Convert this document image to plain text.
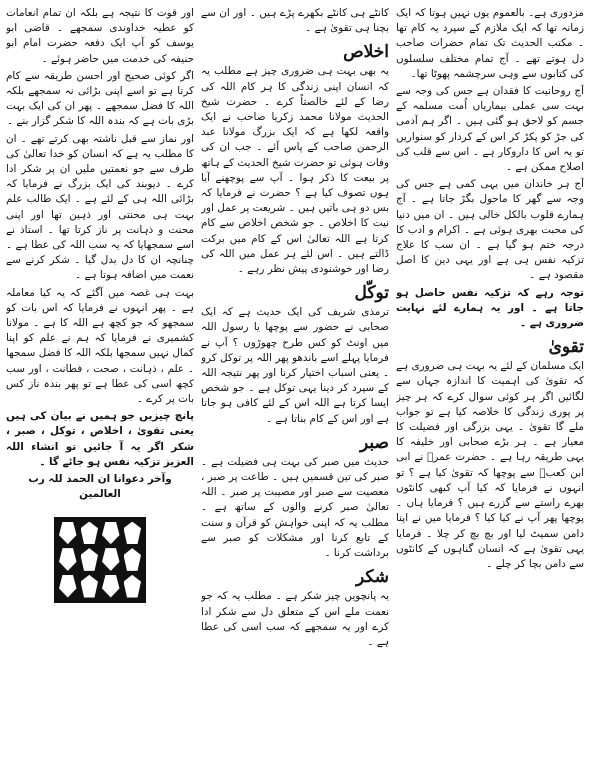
مزدوری ہے۔ بالعموم یوں نہیں ہوتا کہ ایک زمانہ تھا کہ ایک ملازم کے سپرد یہ کام تھا ۔ مکتب الحدیث تک تمام حضرات صاحب دل ہوتے تھے ۔ آج تمام مختلف سلسلوں کی کتابوں سے وہی سرچشمہ پھوٹا تھا۔

آج روحانیت کا فقدان ہے جس کی وجہ سے بہت سی عملی بیماریاں اُمت مسلمہ کے جسم کو لاحق ہو گئی ہیں ۔ اگر ہم آدمی کی جڑ کو پکڑ کر اس کے کردار کو سنواریں تو یہ اس کا داروکار ہے ۔ اس سے قلب کی اصلاح ممکن ہے ۔

آج ہر خاندان میں یہی کمی ہے جس کی وجہ سے گھر کا ماحول بگڑ جاتا ہے ۔ آج ہمارے قلوب بالکل خالی ہیں ۔ ان میں دنیا کی محبت بھری ہوئی ہے ۔ اکرام و ادب کا درجہ ختم ہو گیا ہے ۔ ان سب کا علاج تزکیہ نفس ہی ہے اور یہی دین کا اصل مقصود ہے ۔

توجہ رہے کہ تزکیہ نفس حاصل ہو جاتا ہے ۔ اور یہ ہمارے لئے نہایت ضروری ہے ۔

تقویٰ

ایک مسلمان کے لئے یہ بہت ہی ضروری ہے کہ تقویٰ کی اہمیت کا اندازہ جہاں سے لگائیں اگر ہر کوئی سوال کرے کہ ہر چیز پر پوری زندگی کا خلاصہ کیا ہے تو جواب ملے گا تقویٰ ۔ یہی بزرگی اور فضیلت کا معیار ہے ۔ ہر بڑے صحابی اور خلیفہ کا یہی طریقہ رہا ہے ۔ حضرت عمرؓ نے ابی ابن کعبؓ سے پوچھا کہ تقویٰ کیا ہے ؟ تو انہوں نے فرمایا کہ کیا آپ کبھی کانٹوں بھرے راستے سے گزرے ہیں ؟ فرمایا ہاں ۔ پوچھا پھر آپ نے کیا کیا ؟ فرمایا میں نے اپنا دامن سمیٹ لیا اور بچ بچ کر چلا ۔ فرمایا یہی تقویٰ ہے کہ انسان گناہوں کے کانٹوں سے دامن بچا کر چلے ۔

کانٹے ہی کانٹے بکھرے پڑے ہیں ۔ اور ان سے بچنا ہی تقویٰ ہے ۔

اخلاص

یہ بھی بہت ہی ضروری چیز ہے مطلب یہ کہ انسان اپنی زندگی کا ہر کام اللہ کی رضا کے لئے خالصتاً کرے ۔ حضرت شیخ الحدیث مولانا محمد زکریا صاحب نے ایک واقعہ لکھا ہے کہ ایک بزرگ مولانا عبد الرحمن صاحب کے پاس آئے ۔ جب ان کی وفات ہوئی تو حضرت شیخ الحدیث کے ہاتھ پر بیعت کا ذکر ہوا ۔ آپ سے پوچھنے آیا ہوں تصوف کیا ہے ؟ حضرت نے فرمایا کہ بس دو ہی باتیں ہیں ۔ شریعت پر عمل اور نیت کا اخلاص ۔ جو شخص اخلاص سے کام کرتا ہے اللہ تعالیٰ اس کے کام میں برکت ڈالتے ہیں ۔ اس لئے ہر عمل میں اللہ کی رضا اور خوشنودی پیش نظر رہے ۔

توکّل

ترمذی شریف کی ایک حدیث ہے کہ ایک صحابی نے حضور سے پوچھا یا رسول اللہ میں اونٹ کو کس طرح چھوڑوں ؟ آپ نے فرمایا پہلے اسے باندھو پھر اللہ پر توکل کرو ۔ یعنی اسباب اختیار کرنا اور پھر نتیجہ اللہ کے سپرد کر دینا یہی توکل ہے ۔ جو شخص ایسا کرتا ہے اللہ اس کے لئے کافی ہو جاتا ہے اور اس کے کام بناتا ہے ۔

صبر

حدیث میں صبر کی بہت ہی فضیلت ہے ۔ صبر کی تین قسمیں ہیں ۔ طاعت پر صبر ، معصیت سے صبر اور مصیبت پر صبر ۔ اللہ تعالیٰ صبر کرنے والوں کے ساتھ ہے ۔ مطلب یہ کہ اپنی خواہش کو قرآن و سنت کے تابع کرنا اور مشکلات کو صبر سے برداشت کرنا ۔

شکر

یہ پانچویں چیز شکر ہے ۔ مطلب یہ کہ جو نعمت ملے اس کے متعلق دل سے شکر ادا کرے اور یہ سمجھے کہ سب اسی کی عطا ہے ۔

اور قوت کا نتیجہ ہے بلکہ ان تمام انعامات کو عطیہ خداوندی سمجھے ۔ قاضی ابو یوسف کو آپ ایک دفعہ حضرت امام ابو حنیفہ کی خدمت میں حاضر ہوئے ۔

اگر کوئی صحیح اور احسن طریقہ سے کام کرتا ہے تو اسے اپنی بڑائی نہ سمجھے بلکہ اللہ کا فضل سمجھے ۔ پھر ان کی ایک بہت بڑی بات ہے کہ بندہ اللہ کا شکر گزار بنے ۔

اور نماز سے قبل ناشتہ بھی کرتے تھے ۔ ان کا مطلب یہ ہے کہ انسان کو خدا تعالیٰ کی طرف سے جو نعمتیں ملیں ان پر شکر ادا کرے ۔ دیوبند کی ایک بزرگ نے فرمایا کہ بڑائی اللہ ہی کے لئے ہے ۔ ایک طالب علم بہت ہی محنتی اور ذہین تھا اور اپنی محنت و ذہانت پر ناز کرتا تھا ۔ استاذ نے اسے سمجھایا کہ یہ سب اللہ کی عطا ہے ۔ چنانچہ ان کا دل بدل گیا ۔ شکر کرنے سے نعمت میں اضافہ ہوتا ہے ۔

بہت ہی غصہ میں آگئے کہ یہ کیا معاملہ ہے ۔ پھر انہوں نے فرمایا کہ اس بات کو سمجھو کہ جو کچھ ہے اللہ کا ہے ۔ مولانا کشمیری نے فرمایا کہ ہم نے علم کو اپنا کمال نہیں سمجھا بلکہ اللہ کا فضل سمجھا ۔ علم ، ذہانت ، صحت ، فطانت ، اور سب کچھ اسی کی عطا ہے تو پھر بندہ ناز کس بات پر کرے ۔

پانچ چیزیں جو ہمیں نے بیان کی ہیں یعنی تقویٰ ، اخلاص ، توکل ، صبر ، شکر اگر یہ آ جائیں تو انشاء اللہ العزیز تزکیہ نفس ہو جائے گا ۔

وآخر دعوانا ان الحمد للہ رب العالمین
